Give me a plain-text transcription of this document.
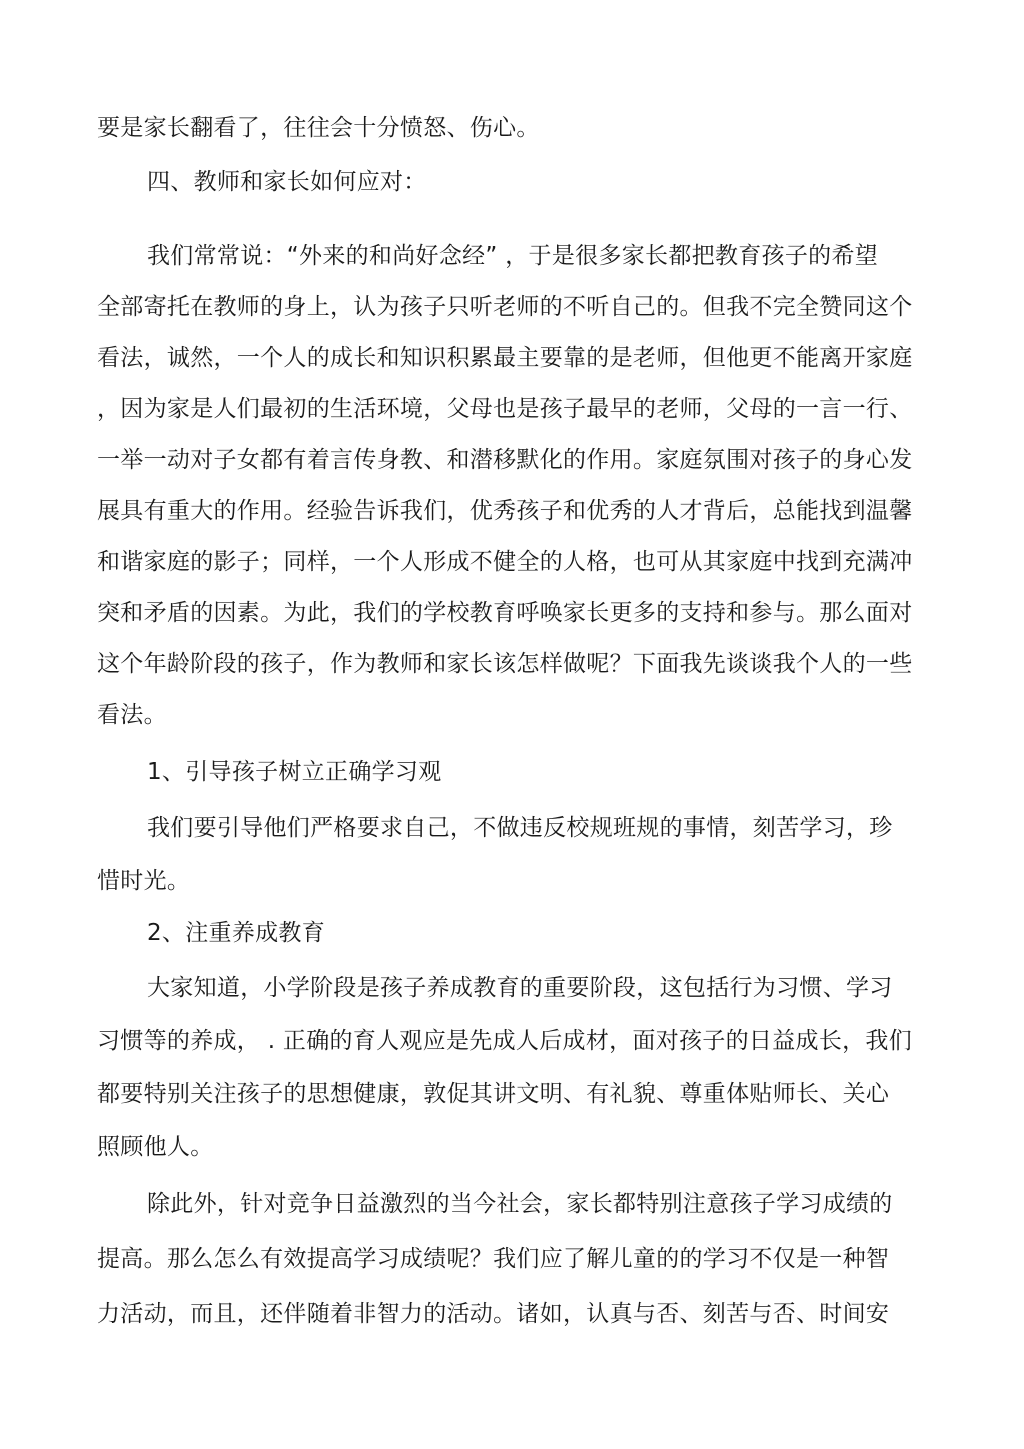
要是家长翻看了，往往会十分愤怒、伤心。
四、教师和家长如何应对：
我们常常说：“外来的和尚好念经” ，于是很多家长都把教育孩子的希望
全部寄托在教师的身上，认为孩子只听老师的不听自己的。但我不完全赞同这个
看法，诚然，一个人的成长和知识积累最主要靠的是老师，但他更不能离开家庭
，因为家是人们最初的生活环境，父母也是孩子最早的老师，父母的一言一行、
一举一动对子女都有着言传身教、和潜移默化的作用。家庭氛围对孩子的身心发
展具有重大的作用。经验告诉我们，优秀孩子和优秀的人才背后，总能找到温馨
和谐家庭的影子；同样，一个人形成不健全的人格，也可从其家庭中找到充满冲
突和矛盾的因素。为此，我们的学校教育呼唤家长更多的支持和参与。那么面对
这个年龄阶段的孩子，作为教师和家长该怎样做呢？下面我先谈谈我个人的一些
看法。
1、引导孩子树立正确学习观
我们要引导他们严格要求自己，不做违反校规班规的事情，刻苦学习，珍
惜时光。
2、注重养成教育
大家知道，小学阶段是孩子养成教育的重要阶段，这包括行为习惯、学习
习惯等的养成， . 正确的育人观应是先成人后成材，面对孩子的日益成长，我们
都要特别关注孩子的思想健康，敦促其讲文明、有礼貌、尊重体贴师长、关心
照顾他人。
除此外，针对竞争日益激烈的当今社会，家长都特别注意孩子学习成绩的
提高。那么怎么有效提高学习成绩呢？我们应了解儿童的的学习不仅是一种智
力活动，而且，还伴随着非智力的活动。诸如，认真与否、刻苦与否、时间安
